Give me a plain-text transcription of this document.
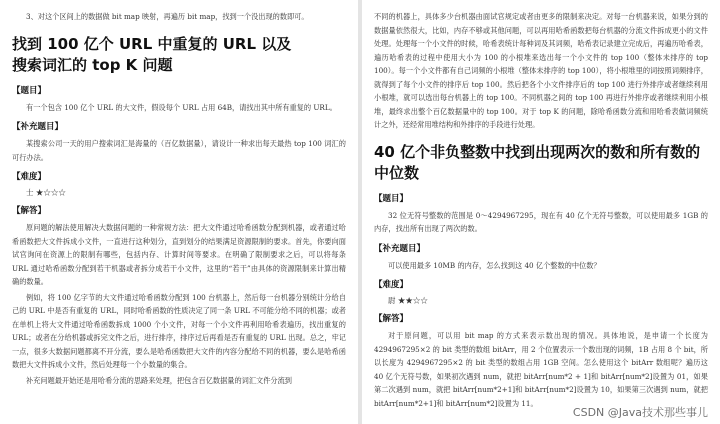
3、对这个区间上的数据做 bit map 映射，再遍历 bit map，找到一个没出现的数即可。

找到 100 亿个 URL 中重复的 URL 以及
搜索词汇的 top K 问题
【题目】

有一个包含 100 亿个 URL 的大文件，假设每个 URL 占用 64B，请找出其中所有重复的 URL。

【补充题目】

某搜索公司一天的用户搜索词汇是海量的（百亿数据量），请设计一种求出每天最热 top 100 词汇的可行办法。

【难度】
士 ★☆☆☆
【解答】

原问题的解法使用解决大数据问题的一种常规方法：把大文件通过哈希函数分配到机器，或者通过哈希函数把大文件拆成小文件，一直进行这种划分，直到划分的结果满足资源限制的要求。首先，你要向面试官询问在资源上的限制有哪些，包括内存、计算时间等要求。在明确了限制要求之后，可以将每条 URL 通过哈希函数分配到若干机器或者拆分成若干小文件，这里的“若干”由具体的资源限制来计算出精确的数量。

例如，将 100 亿字节的大文件通过哈希函数分配到 100 台机器上，然后每一台机器分别统计分给自己的 URL 中是否有重复的 URL，同时哈希函数的性质决定了同一条 URL 不可能分给不同的机器；或者在单机上将大文件通过哈希函数拆成 1000 个小文件，对每一个小文件再利用哈希表遍历，找出重复的 URL；或者在分给机器或拆完文件之后，进行排序，排序过后再看是否有重复的 URL 出现。总之，牢记一点，很多大数据问题都离不开分流，要么是哈希函数把大文件的内容分配给不同的机器，要么是哈希函数把大文件拆成小文件，然后处理每一个小数量的集合。

补充问题最开始还是用哈希分流的思路来处理，把包含百亿数据量的词汇文件分流到

不同的机器上，具体多少台机器由面试官规定或者由更多的限制来决定。对每一台机器来说，如果分到的数据量依然很大，比如，内存不够或其他问题，可以再用哈希函数把每台机器的分流文件拆成更小的文件处理。处理每一个小文件的时候，哈希表统计每种词及其词频，哈希表记录建立完成后，再遍历哈希表，遍历哈希表的过程中使用大小为 100 的小根堆来选出每一个小文件的 top 100（整体未排序的 top 100）。每一个小文件都有自己词频的小根堆（整体未排序的 top 100），将小根堆里的词按照词频排序，就得到了每个小文件的排序后 top 100。然后把各个小文件排序后的 top 100 进行外排序或者继续利用小根堆，就可以选出每台机器上的 top 100。不同机器之间的 top 100 再进行外排序或者继续利用小根堆，最终求出整个百亿数据量中的 top 100。对于 top K 的问题，除哈希函数分流和用哈希表做词频统计之外，还经常用堆结构和外排序的手段进行处理。

40 亿个非负整数中找到出现两次的数和所有数的中位数
【题目】

32 位无符号整数的范围是 0～4294967295，现在有 40 亿个无符号整数，可以使用最多 1GB 的内存，找出所有出现了两次的数。

【补充题目】

可以使用最多 10MB 的内存，怎么找到这 40 亿个整数的中位数？

【难度】
尉 ★★☆☆
【解答】

对于原问题，可以用 bit map 的方式来表示数出现的情况。具体地说，是申请一个长度为 4294967295×2 的 bit 类型的数组 bitArr，用 2 个位置表示一个数出现的词频，1B 占用 8 个 bit，所以长度为 4294967295×2 的 bit 类型的数组占用 1GB 空间。怎么使用这个 bitArr 数组呢？遍历这 40 亿个无符号数，如果初次遇到 num，就把 bitArr[num*2 + 1]和 bitArr[num*2]设置为 01，如果第二次遇到 num，就把 bitArr[num*2+1]和 bitArr[num*2]设置为 10，如果第三次遇到 num，就把 bitArr[num*2+1]和 bitArr[num*2]设置为 11。

CSDN @Java技术那些事儿
